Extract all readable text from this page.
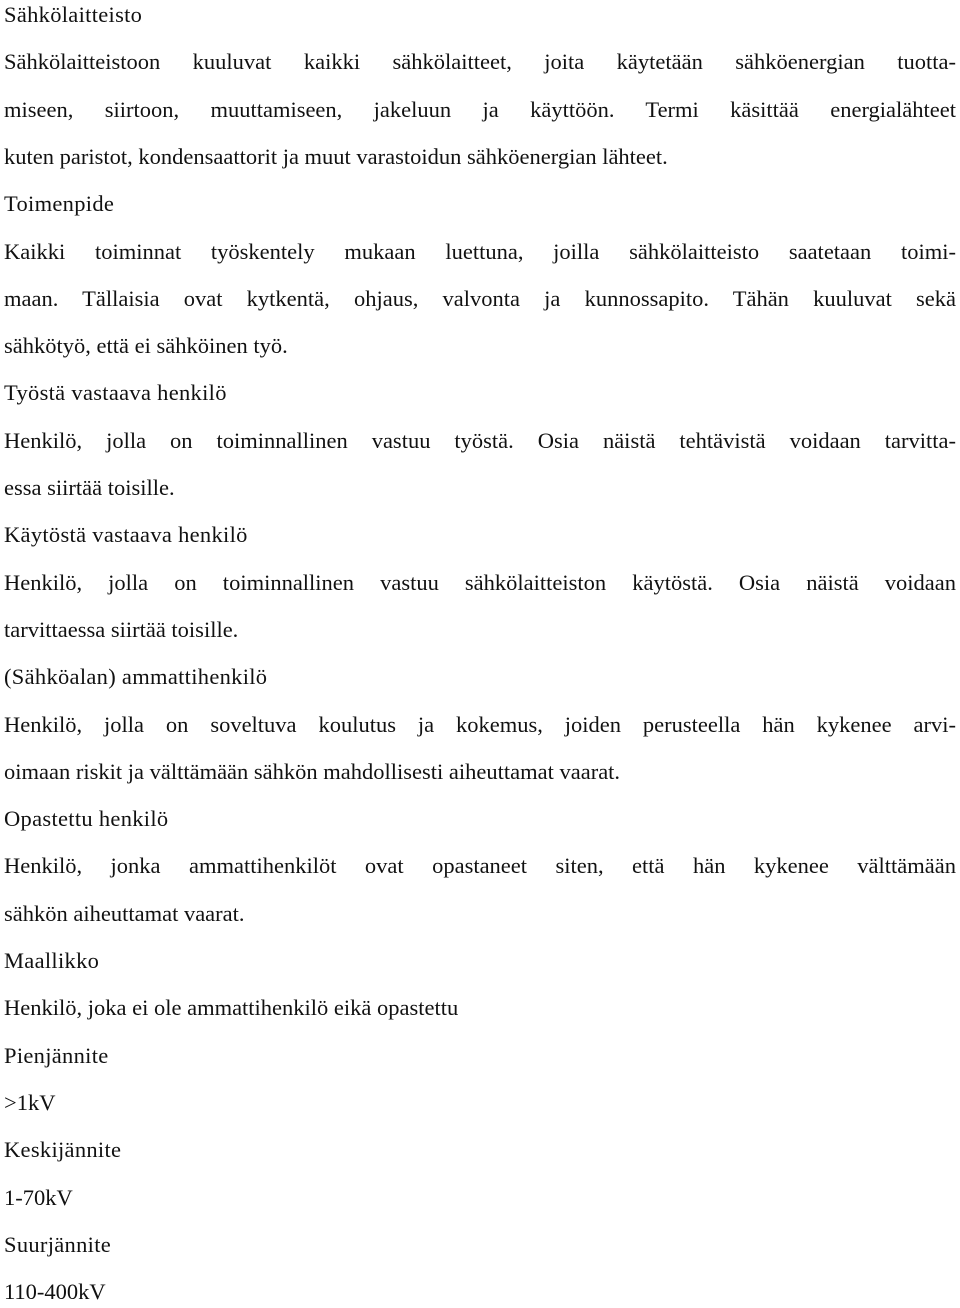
Sähkölaitteisto
Sähkölaitteistoon kuuluvat kaikki sähkölaitteet, joita käytetään sähköenergian tuotta-
miseen, siirtoon, muuttamiseen, jakeluun ja käyttöön. Termi käsittää energialähteet
kuten paristot, kondensaattorit ja muut varastoidun sähköenergian lähteet.
Toimenpide
Kaikki toiminnat työskentely mukaan luettuna, joilla sähkölaitteisto saatetaan toimi-
maan. Tällaisia ovat kytkentä, ohjaus, valvonta ja kunnossapito. Tähän kuuluvat sekä
sähkötyö, että ei sähköinen työ.
Työstä vastaava henkilö
Henkilö, jolla on toiminnallinen vastuu työstä. Osia näistä tehtävistä voidaan tarvitta-
essa siirtää toisille.
Käytöstä vastaava henkilö
Henkilö, jolla on toiminnallinen vastuu sähkölaitteiston käytöstä. Osia näistä voidaan
tarvittaessa siirtää toisille.
(Sähköalan) ammattihenkilö
Henkilö, jolla on soveltuva koulutus ja kokemus, joiden perusteella hän kykenee arvi-
oimaan riskit ja välttämään sähkön mahdollisesti aiheuttamat vaarat.
Opastettu henkilö
Henkilö, jonka ammattihenkilöt ovat opastaneet siten, että hän kykenee välttämään
sähkön aiheuttamat vaarat.
Maallikko
Henkilö, joka ei ole ammattihenkilö eikä opastettu
Pienjännite
>1kV
Keskijännite
1-70kV
Suurjännite
110-400kV
